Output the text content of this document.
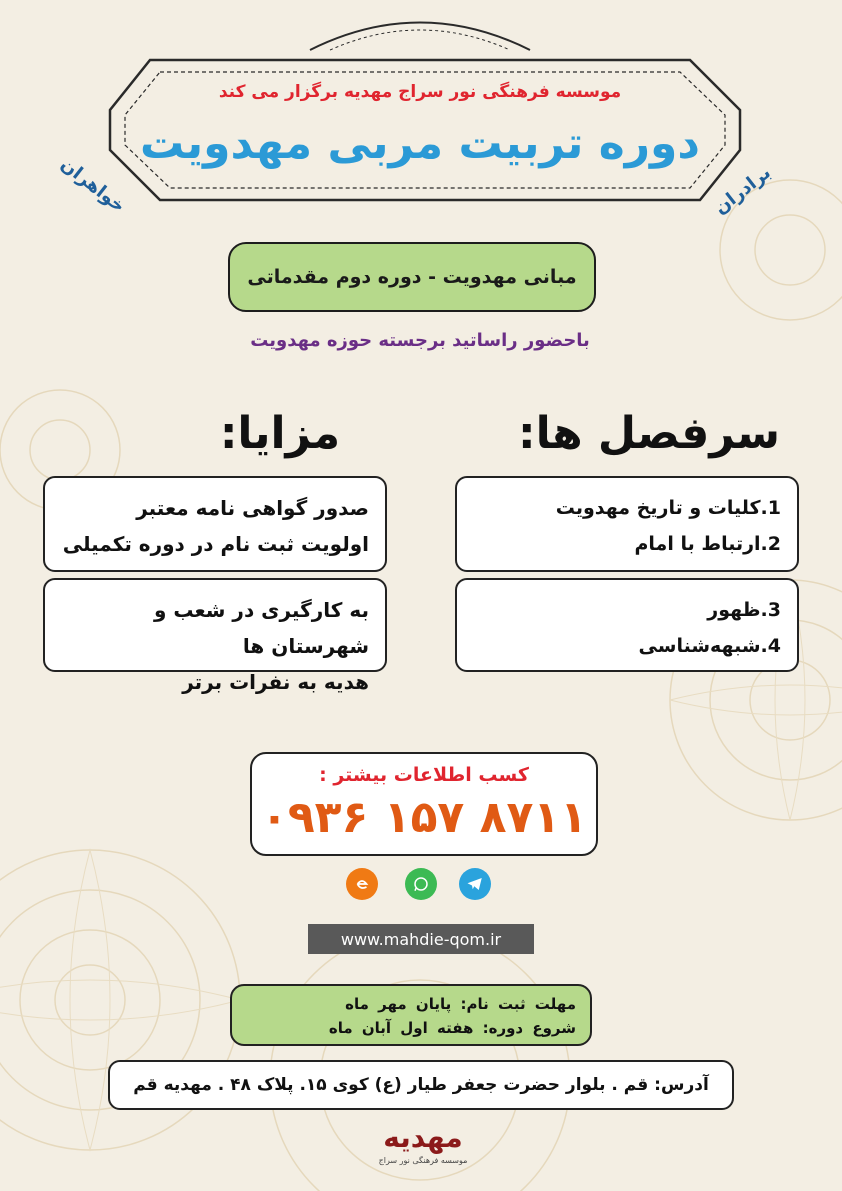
موسسه فرهنگی نور سراج مهدیه برگزار می کند
دوره تربیت مربی مهدویت
برادران
خواهران
مبانی مهدویت - دوره دوم مقدماتی
باحضور راساتید برجسته حوزه مهدویت
سرفصل ها:
مزایا:

صدور گواهی نامه معتبر

اولویت ثبت نام در دوره تکمیلی

به کارگیری در شعب و شهرستان ها

هدیه به نفرات برتر

1.کلیات و تاریخ مهدویت

2.ارتباط با امام

3.ظهور

4.شبهه‌شناسی

کسب اطلاعات بیشتر :
۰۹۳۶ ۱۵۷ ۸۷۱۱
www.mahdie-qom.ir

مهلت ثبت نام: پایان مهر ماه

شروع دوره: هفته اول آبان ماه

آدرس: قم . بلوار حضرت جعفر طیار (ع) کوی ۱۵. پلاک ۴۸ . مهدیه قم
مهدیه
موسسه فرهنگی نور سراج
